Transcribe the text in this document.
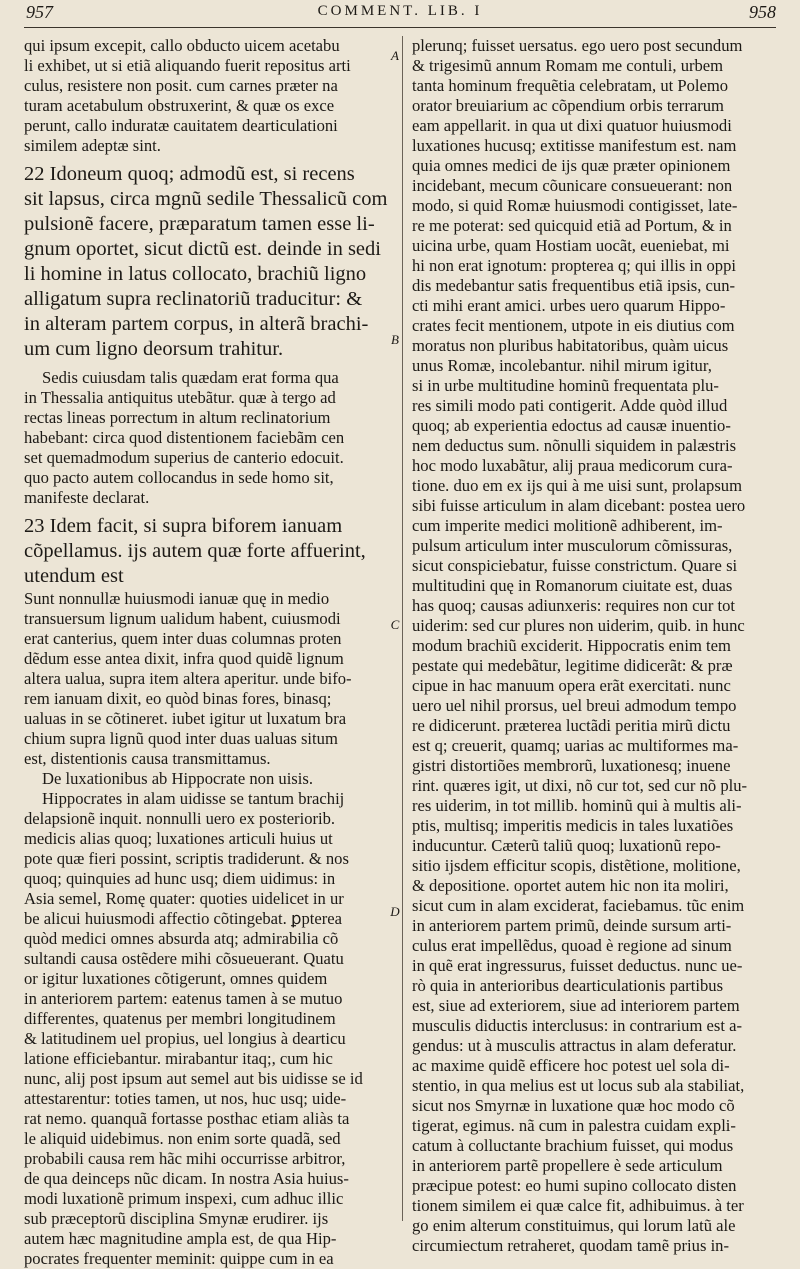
957	COMMENT. LIB. I	958
qui ipsum excepit, callo obducto uicem acetabu
li exhibet, ut si etiã aliquando fuerit repositus arti
culus, resistere non posit. cum carnes præter na
turam acetabulum obstruxerint, & quæ os exce
perunt, callo induratæ cauitatem dearticulationi
similem adeptæ sint.
22 Idoneum quoq; admodũ est, si recens
sit lapsus, circa mgnũ sedile Thessalicũ com
pulsionẽ facere, præparatum tamen esse li-
gnum oportet, sicut dictũ est. deinde in sedi
li homine in latus collocato, brachiũ ligno
alligatum supra reclinatoriũ traducitur: &
in alteram partem corpus, in alterã brachi-
um cum ligno deorsum trahitur.
Sedis cuiusdam talis quædam erat forma qua
in Thessalia antiquitus utebãtur. quæ à tergo ad
rectas lineas porrectum in altum reclinatorium
habebant: circa quod distentionem faciebãm cen
set quemadmodum superius de canterio edocuit.
quo pacto autem collocandus in sede homo sit,
manifeste declarat.
23 Idem facit, si supra biforem ianuam
cõpellamus. ijs autem quæ forte affuerint,
utendum est
Sunt nonnullæ huiusmodi ianuæ quę in medio
transuersum lignum ualidum habent, cuiusmodi
erat canterius, quem inter duas columnas proten
dẽdum esse antea dixit, infra quod quidẽ lignum
altera ualua, supra item altera aperitur. unde bifo-
rem ianuam dixit, eo quòd binas fores, binasq;
ualuas in se cõtineret. iubet igitur ut luxatum bra
chium supra lignũ quod inter duas ualuas situm
est, distentionis causa transmittamus.
De luxationibus ab Hippocrate non uisis.
Hippocrates in alam uidisse se tantum brachij
delapsionẽ inquit. nonnulli uero ex posteriorib.
medicis alias quoq; luxationes articuli huius ut
pote quæ fieri possint, scriptis tradiderunt. & nos
quoq; quinquies ad hunc usq; diem uidimus: in
Asia semel, Romę quater: quoties uidelicet in ur
be alicui huiusmodi affectio cõtingebat. ꝑpterea
quòd medici omnes absurda atq; admirabilia cõ
sultandi causa ostẽdere mihi cõsueuerant. Quatu
or igitur luxationes cõtigerunt, omnes quidem
in anteriorem partem: eatenus tamen à se mutuo
differentes, quatenus per membri longitudinem
& latitudinem uel propius, uel longius à dearticu
latione efficiebantur. mirabantur itaq;, cum hic
nunc, alij post ipsum aut semel aut bis uidisse se id
attestarentur: toties tamen, ut nos, huc usq; uide-
rat nemo. quanquã fortasse posthac etiam aliàs ta
le aliquid uidebimus. non enim sorte quadã, sed
probabili causa rem hãc mihi occurrisse arbitror,
de qua deinceps nũc dicam. In nostra Asia huius-
modi luxationẽ primum inspexi, cum adhuc illic
sub præceptorũ disciplina Smynæ erudirer. ijs
autem hæc magnitudine ampla est, de qua Hip-
pocrates frequenter meminit: quippe cum in ea
A
B
C
D
plerunq; fuisset uersatus. ego uero post secundum
& trigesimũ annum Romam me contuli, urbem
tanta hominum frequẽtia celebratam, ut Polemo
orator breuiarium ac cõpendium orbis terrarum
eam appellarit. in qua ut dixi quatuor huiusmodi
luxationes hucusq; extitisse manifestum est. nam
quia omnes medici de ijs quæ præter opinionem
incidebant, mecum cõunicare consueuerant: non
modo, si quid Romæ huiusmodi contigisset, late-
re me poterat: sed quicquid etiã ad Portum, & in
uicina urbe, quam Hostiam uocãt, eueniebat, mi
hi non erat ignotum: propterea q; qui illis in oppi
dis medebantur satis frequentibus etiã ipsis, cun-
cti mihi erant amici. urbes uero quarum Hippo-
crates fecit mentionem, utpote in eis diutius com
moratus non pluribus habitatoribus, quàm uicus
unus Romæ, incolebantur. nihil mirum igitur,
si in urbe multitudine hominũ frequentata plu-
res simili modo pati contigerit. Adde quòd illud
quoq; ab experientia edoctus ad causæ inuentio-
nem deductus sum. nõnulli siquidem in palæstris
hoc modo luxabãtur, alij praua medicorum cura-
tione. duo em ex ijs qui à me uisi sunt, prolapsum
sibi fuisse articulum in alam dicebant: postea uero
cum imperite medici molitionẽ adhiberent, im-
pulsum articulum inter musculorum cõmissuras,
sicut conspiciebatur, fuisse constrictum. Quare si
multitudini quę in Romanorum ciuitate est, duas
has quoq; causas adiunxeris: requires non cur tot
uiderim: sed cur plures non uiderim, quib. in hunc
modum brachiũ exciderit. Hippocratis enim tem
pestate qui medebãtur, legitime didicerãt: & præ
cipue in hac manuum opera erãt exercitati. nunc
uero uel nihil prorsus, uel breui admodum tempo
re didicerunt. præterea luctãdi peritia mirũ dictu
est q; creuerit, quamq; uarias ac multiformes ma-
gistri distortiões membrorũ, luxationesq; inuene
rint. quæres igit, ut dixi, nõ cur tot, sed cur nõ plu-
res uiderim, in tot millib. hominũ qui à multis ali-
ptis, multisq; imperitis medicis in tales luxatiões
inducuntur. Cæterũ taliũ quoq; luxationũ repo-
sitio ijsdem efficitur scopis, distẽtione, molitione,
& depositione. oportet autem hic non ita moliri,
sicut cum in alam exciderat, faciebamus. tũc enim
in anteriorem partem primũ, deinde sursum arti-
culus erat impellẽdus, quoad è regione ad sinum
in quẽ erat ingressurus, fuisset deductus. nunc ue-
rò quia in anterioribus dearticulationis partibus
est, siue ad exteriorem, siue ad interiorem partem
musculis diductis interclusus: in contrarium est a-
gendus: ut à musculis attractus in alam deferatur.
ac maxime quidẽ efficere hoc potest uel sola di-
stentio, in qua melius est ut locus sub ala stabiliat,
sicut nos Smyrnæ in luxatione quæ hoc modo cõ
tigerat, egimus. nã cum in palestra cuidam expli-
catum à colluctante brachium fuisset, qui modus
in anteriorem partẽ propellere è sede articulum
præcipue potest: eo humi supino collocato disten
tionem similem ei quæ calce fit, adhibuimus. à ter
go enim alterum constituimus, qui lorum latũ ale
circumiectum retraheret, quodam tamẽ prius in-
